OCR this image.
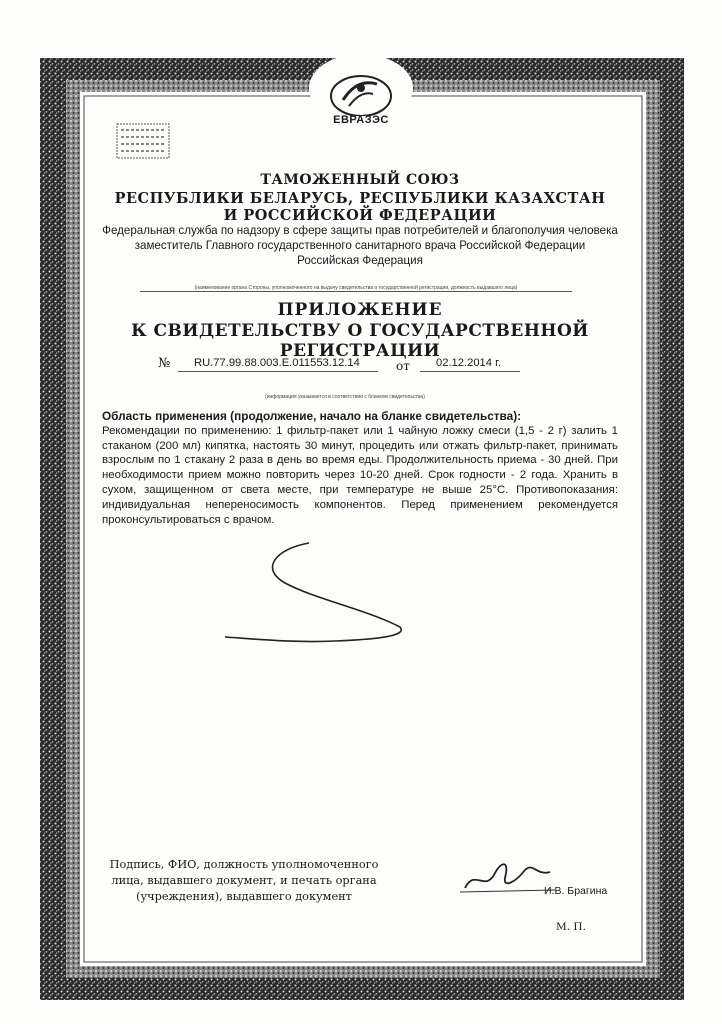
ЕВРАЗЭС
ТАМОЖЕННЫЙ СОЮЗ
РЕСПУБЛИКИ БЕЛАРУСЬ, РЕСПУБЛИКИ КАЗАХСТАН
И РОССИЙСКОЙ ФЕДЕРАЦИИ
Федеральная служба по надзору в сфере защиты прав потребителей и благополучия человека
заместитель Главного государственного санитарного врача Российской Федерации
Российская Федерация
(наименование органа Стороны, уполномоченного на выдачу свидетельства о государственной регистрации, должность выдавшего лица)
ПРИЛОЖЕНИЕ
К СВИДЕТЕЛЬСТВУ О ГОСУДАРСТВЕННОЙ РЕГИСТРАЦИИ
№ RU.77.99.88.003.Е.011553.12.14	от 02.12.2014 г.
(информация указывается в соответствии с бланком свидетельства)
Область применения (продолжение, начало на бланке свидетельства):
Рекомендации по применению: 1 фильтр-пакет или 1 чайную ложку смеси (1,5 - 2 г) залить 1 стаканом (200 мл) кипятка, настоять 30 минут, процедить или отжать фильтр-пакет, принимать взрослым по 1 стакану 2 раза в день во время еды. Продолжительность приема - 30 дней. При необходимости прием можно повторить через 10-20 дней. Срок годности - 2 года. Хранить в сухом, защищенном от света месте, при температуре не выше 25°С. Противопоказания: индивидуальная непереносимость компонентов. Перед применением рекомендуется проконсультироваться с врачом.
Подпись, ФИО, должность уполномоченного лица, выдавшего документ, и печать органа (учреждения), выдавшего документ	И.В. Брагина
М. П.
